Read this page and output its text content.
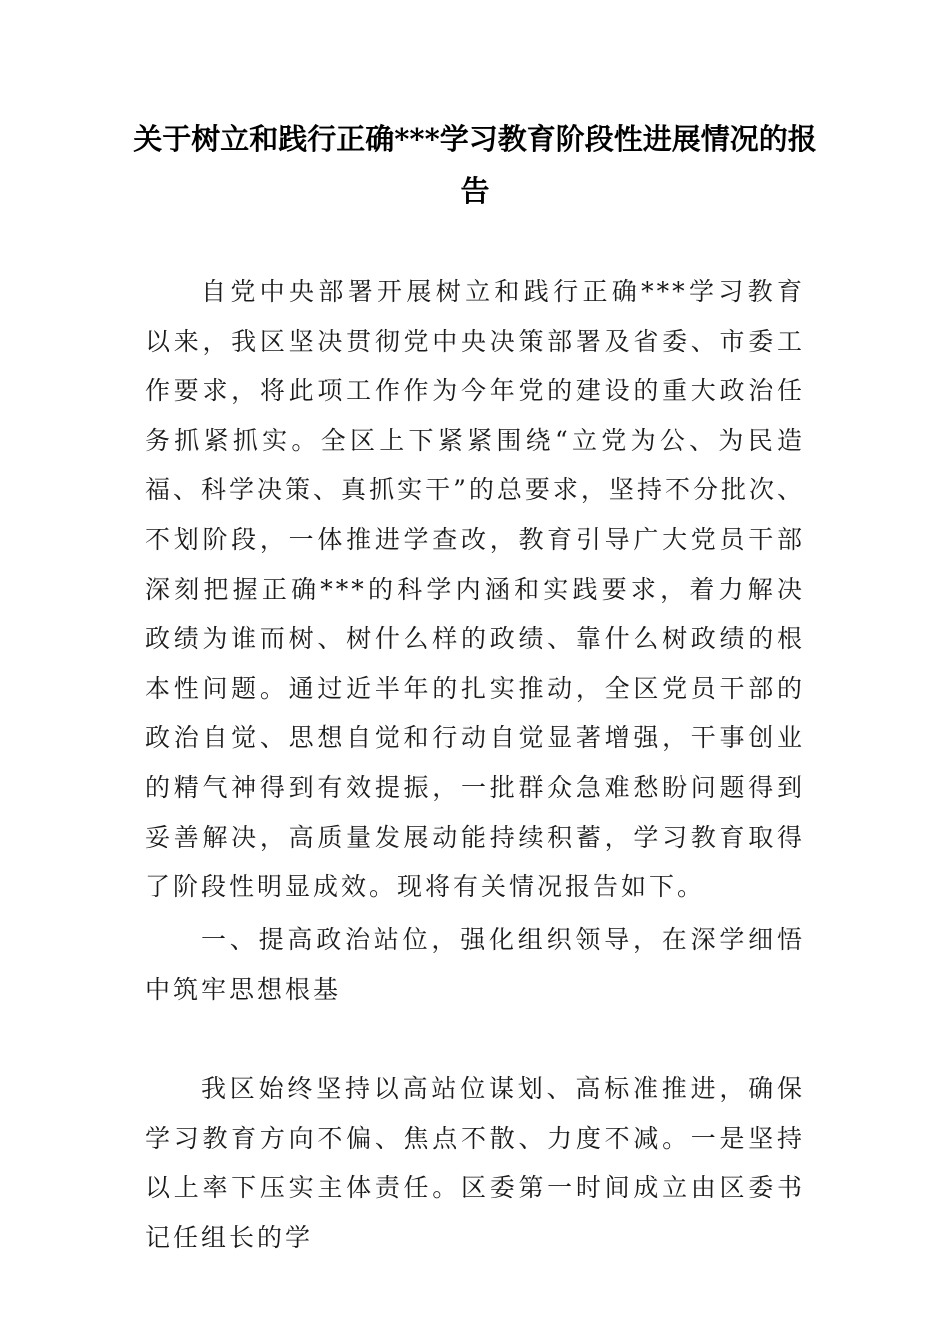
关于树立和践行正确***学习教育阶段性进展情况的报告

自党中央部署开展树立和践行正确***学习教育以来，我区坚决贯彻党中央决策部署及省委、市委工作要求，将此项工作作为今年党的建设的重大政治任务抓紧抓实。全区上下紧紧围绕“立党为公、为民造福、科学决策、真抓实干”的总要求，坚持不分批次、不划阶段，一体推进学查改，教育引导广大党员干部深刻把握正确***的科学内涵和实践要求，着力解决政绩为谁而树、树什么样的政绩、靠什么树政绩的根本性问题。通过近半年的扎实推动，全区党员干部的政治自觉、思想自觉和行动自觉显著增强，干事创业的精气神得到有效提振，一批群众急难愁盼问题得到妥善解决，高质量发展动能持续积蓄，学习教育取得了阶段性明显成效。现将有关情况报告如下。

一、提高政治站位，强化组织领导，在深学细悟中筑牢思想根基

我区始终坚持以高站位谋划、高标准推进，确保学习教育方向不偏、焦点不散、力度不减。一是坚持以上率下压实主体责任。区委第一时间成立由区委书记任组长的学
